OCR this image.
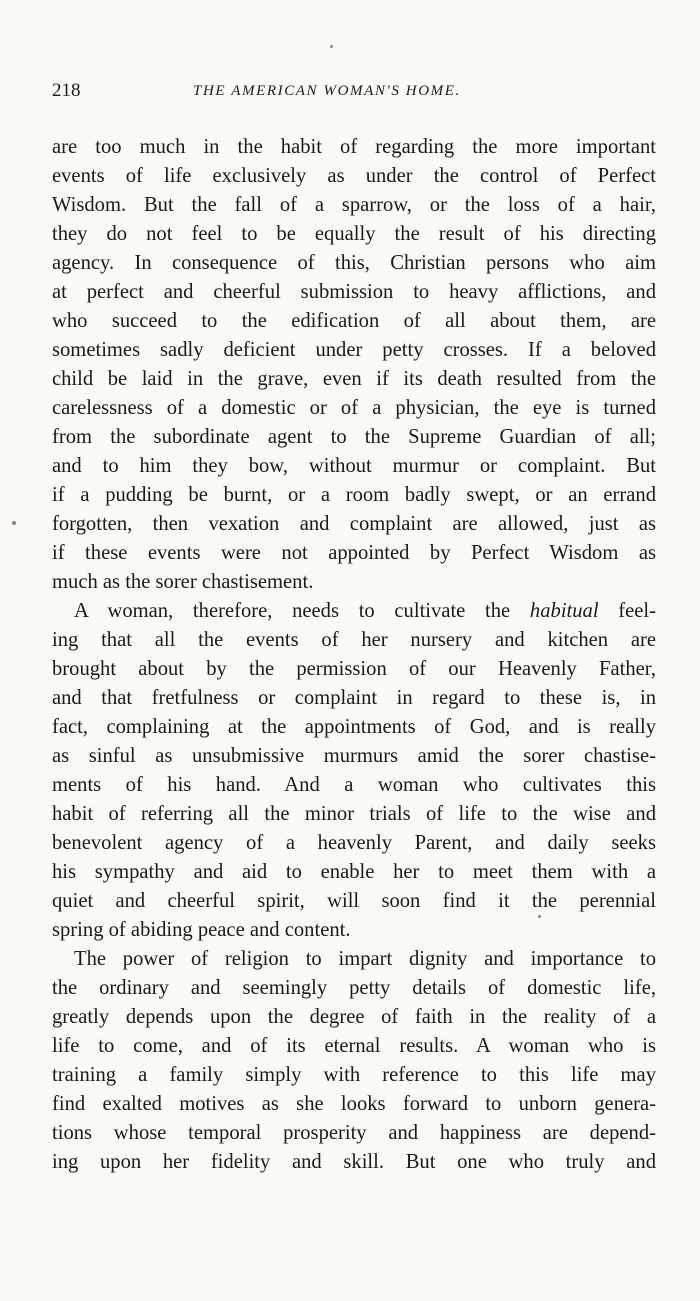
218	THE AMERICAN WOMAN'S HOME.
are too much in the habit of regarding the more important
events of life exclusively as under the control of Perfect
Wisdom. But the fall of a sparrow, or the loss of a hair,
they do not feel to be equally the result of his directing
agency. In consequence of this, Christian persons who aim
at perfect and cheerful submission to heavy afflictions, and
who succeed to the edification of all about them, are
sometimes sadly deficient under petty crosses. If a beloved
child be laid in the grave, even if its death resulted from the
carelessness of a domestic or of a physician, the eye is turned
from the subordinate agent to the Supreme Guardian of all;
and to him they bow, without murmur or complaint. But
if a pudding be burnt, or a room badly swept, or an errand
forgotten, then vexation and complaint are allowed, just as
if these events were not appointed by Perfect Wisdom as
much as the sorer chastisement.
A woman, therefore, needs to cultivate the habitual feel-
ing that all the events of her nursery and kitchen are
brought about by the permission of our Heavenly Father,
and that fretfulness or complaint in regard to these is, in
fact, complaining at the appointments of God, and is really
as sinful as unsubmissive murmurs amid the sorer chastise-
ments of his hand. And a woman who cultivates this
habit of referring all the minor trials of life to the wise and
benevolent agency of a heavenly Parent, and daily seeks
his sympathy and aid to enable her to meet them with a
quiet and cheerful spirit, will soon find it the perennial
spring of abiding peace and content.
The power of religion to impart dignity and importance to
the ordinary and seemingly petty details of domestic life,
greatly depends upon the degree of faith in the reality of a
life to come, and of its eternal results. A woman who is
training a family simply with reference to this life may
find exalted motives as she looks forward to unborn genera-
tions whose temporal prosperity and happiness are depend-
ing upon her fidelity and skill. But one who truly and
